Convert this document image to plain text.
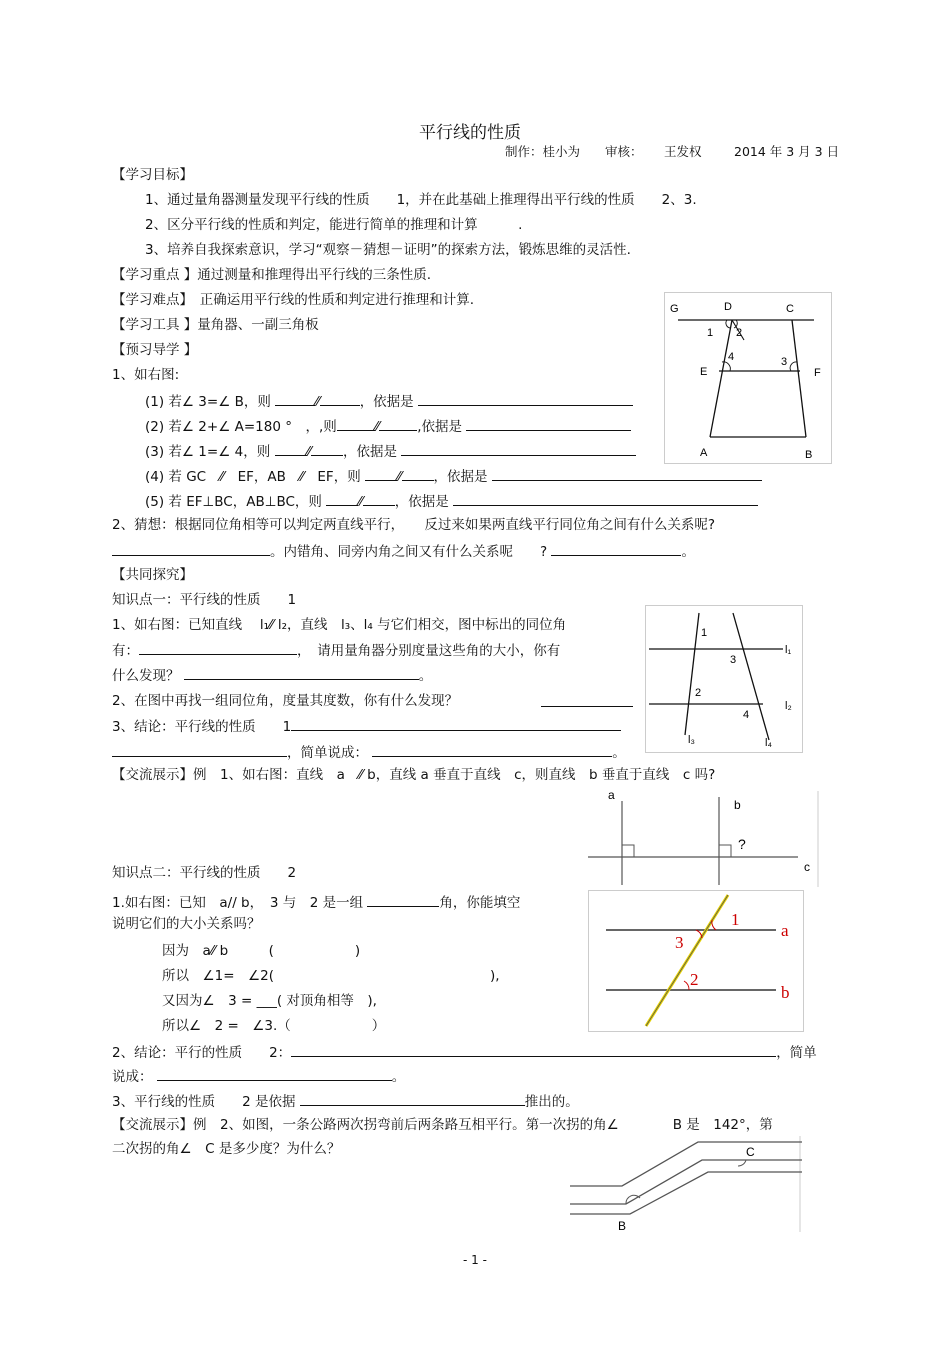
平行线的性质
制作：桂小为 审核： 王发权	2014 年 3 月 3 日
【学习目标】
1、通过量角器测量发现平行线的性质　　1，并在此基础上推理得出平行线的性质　　2、3.
2、区分平行线的性质和判定，能进行简单的推理和计算　　　.
3、培养自我探索意识，学习“观察－猜想－证明”的探索方法，锻炼思维的灵活性.
【学习重点 】通过测量和推理得出平行线的三条性质.
【学习难点】　正确运用平行线的性质和判定进行推理和计算.
【学习工具 】量角器、一副三角板
【预习导学 】
1、如右图:
(1) 若∠ 3=∠ B，则	⁄⁄	，依据是
(2) 若∠ 2+∠ A=180 °　，,则	⁄⁄	,依据是
(3) 若∠ 1=∠ 4，则	⁄⁄ ，依据是
(4) 若 GC　⁄⁄　EF，AB　⁄⁄　EF，则	⁄⁄ ，依据是
(5) 若 EF⊥BC，AB⊥BC，则	⁄⁄ ，依据是
2、猜想：根据同位角相等可以判定两直线平行，　　反过来如果两直线平行同位角之间有什么关系呢?
。内错角、同旁内角之间又有什么关系呢　　?	。
【共同探究】
知识点一：平行线的性质　　1
1、如右图：已知直线　 l₁⁄⁄ l₂，直线　l₃、l₄ 与它们相交，图中标出的同位角
有：	，　请用量角器分别度量这些角的大小，你有
什么发现？	。
2、在图中再找一组同位角，度量其度数，你有什么发现？
3、结论：平行线的性质　　1
，简单说成：	。
【交流展示】例　1、如右图：直线　a　⁄⁄ b，直线 a 垂直于直线　c，则直线　b 垂直于直线　c 吗?
知识点二：平行线的性质　　2
1.如右图：已知　a// b，　3 与　2 是一组	角，你能填空
说明它们的大小关系吗？
因为　a⁄⁄ b　　　(　　　　　　)
所以　∠1=　∠2(　　　　　　　　　　　　　　　　),
又因为∠　3 = ___( 对顶角相等　),
所以∠　2 =　∠3.（　　　　　　）
2、结论：平行的性质　　2：	，简单
说成：	。
3、平行线的性质　　2 是依据	推出的。
【交流展示】例　2、如图，一条公路两次拐弯前后两条路互相平行。第一次拐的角∠　　　　B 是　142°，第
二次拐的角∠　C 是多少度？为什么？
G	D	C
1 2
4	3
E	F
A	B
1
3
l₁
2
l₂
4
l₃	l₄
a
b
?
c
1
3
2
a
b
C
B
- 1 -
